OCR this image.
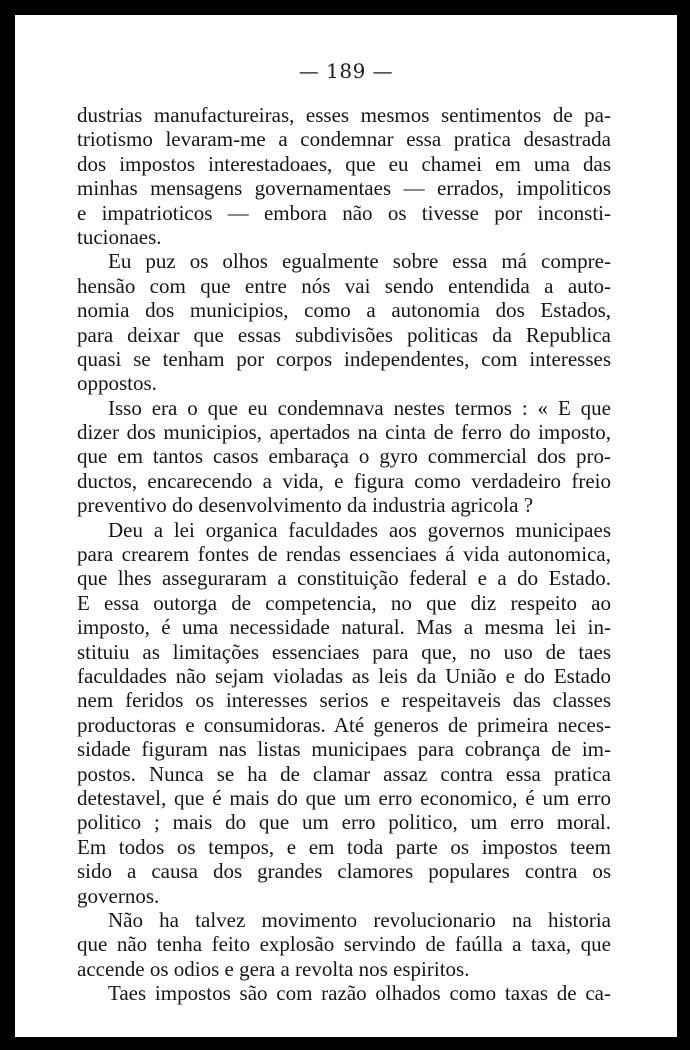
— 189 —
dustrias manufactureiras, esses mesmos sentimentos de pa-
triotismo levaram-me a condemnar essa pratica desastrada
dos impostos interestadoaes, que eu chamei em uma das
minhas mensagens governamentaes — errados, impoliticos
e impatrioticos — embora não os tivesse por inconsti-
tucionaes.
Eu puz os olhos egualmente sobre essa má compre-
hensão com que entre nós vai sendo entendida a auto-
nomia dos municipios, como a autonomia dos Estados,
para deixar que essas subdivisões politicas da Republica
quasi se tenham por corpos independentes, com interesses
oppostos.
Isso era o que eu condemnava nestes termos : « E que
dizer dos municipios, apertados na cinta de ferro do imposto,
que em tantos casos embaraça o gyro commercial dos pro-
ductos, encarecendo a vida, e figura como verdadeiro freio
preventivo do desenvolvimento da industria agricola ?
Deu a lei organica faculdades aos governos municipaes
para crearem fontes de rendas essenciaes á vida autonomica,
que lhes asseguraram a constituição federal e a do Estado.
E essa outorga de competencia, no que diz respeito ao
imposto, é uma necessidade natural. Mas a mesma lei in-
stituiu as limitações essenciaes para que, no uso de taes
faculdades não sejam violadas as leis da União e do Estado
nem feridos os interesses serios e respeitaveis das classes
productoras e consumidoras. Até generos de primeira neces-
sidade figuram nas listas municipaes para cobrança de im-
postos. Nunca se ha de clamar assaz contra essa pratica
detestavel, que é mais do que um erro economico, é um erro
politico ; mais do que um erro politico, um erro moral.
Em todos os tempos, e em toda parte os impostos teem
sido a causa dos grandes clamores populares contra os
governos.
Não ha talvez movimento revolucionario na historia
que não tenha feito explosão servindo de faúlla a taxa, que
accende os odios e gera a revolta nos espiritos.
Taes impostos são com razão olhados como taxas de ca-
